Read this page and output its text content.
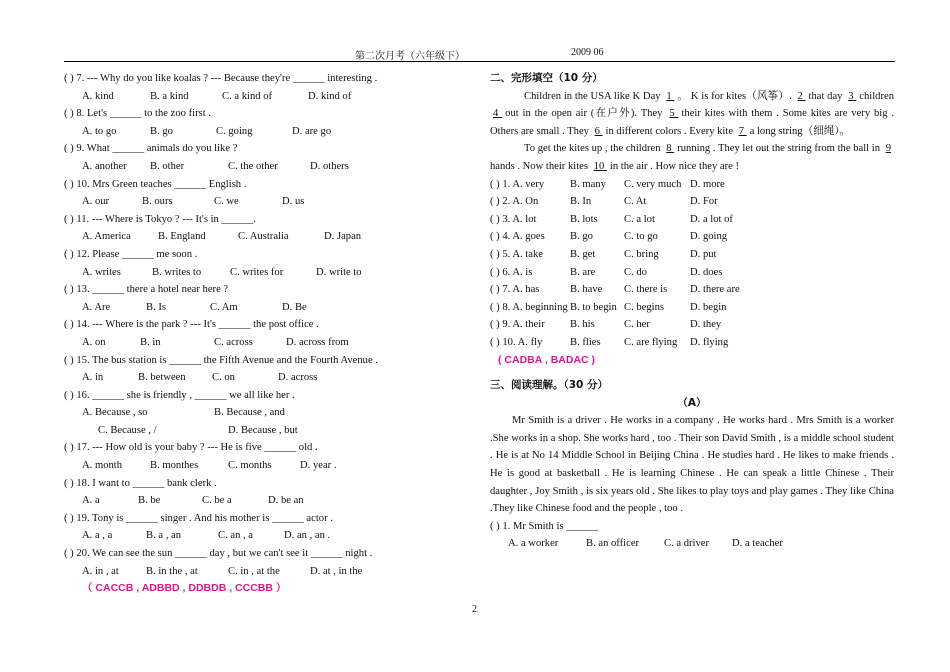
第二次月考（六年级下）	2009 06
( ) 7. --- Why do you like koalas ? --- Because they're ______ interesting .
A. kind	B. a kind	C. a kind of	D. kind of
( ) 8. Let's ______ to the zoo first .
A. to go	B. go	C. going	D. are go
( ) 9. What ______ animals do you like ?
A. another B. other	C. the other	D. others
( ) 10. Mrs Green teaches ______ English .
A. our	B. ours	C. we	D. us
( ) 11. --- Where is Tokyo ? --- It's in ______.
A. America	B. England	C. Australia	D. Japan
( ) 12. Please ______ me soon .
A. writes	B. writes to	C. writes for	D. write to
( ) 13. ______ there a hotel near here ?
A. Are	B. Is	C. Am	D. Be
( ) 14. --- Where is the park ? --- It's ______ the post office .
A. on	B. in	C. across	D. across from
( ) 15. The bus station is ______ the Fifth Avenue and the Fourth Avenue .
A. in	B. between C. on	D. across
( ) 16. ______ she is friendly , ______ we all like her .
A. Because , so	B. Because , and
C. Because , /	D. Because , but
( ) 17. --- How old is your baby ? --- He is five ______ old .
A. month	B. monthes	C. months	D. year .
( ) 18. I want to ______ bank clerk .
A. a	B. be	C. be a	D. be an
( ) 19. Tony is ______ singer . And his mother is ______ actor .
A. a , a	B. a , an	C. an , a	D. an , an .
( ) 20. We can see the sun ______ day , but we can't see it ______ night .
A. in , at	B. in the , at	C. in , at the	D. at , in the
（ CACCB , ADBBD , DDBDB , CCCBB ）
二、完形填空（10 分）
Children in the USA like K Day 1 。 K is for kites（风筝）. 2 that day 3 children 4 out in the open air (在户外). They 5 their kites with them . Some kites are very big . Others are small . They 6 in different colors . Every kite 7 a long string（细绳）。
To get the kites up , the children 8 running . They let out the string from the ball in 9 hands . Now their kites 10 in the air . How nice they are !
( ) 1. A. very B. many C. very much D. more
( ) 2. A. On	B. In	C. At	D. For
( ) 3. A. lot	B. lots C. a lot	D. a lot of
( ) 4. A. goes B. go	C. to go	D. going
( ) 5. A. take	B. get	C. bring	D. put
( ) 6. A. is	B. are	C. do	D. does
( ) 7. A. has	B. have C. there is D. there are
( ) 8. A. beginning B. to begin C. begins D. begin
( ) 9. A. their B. his	C. her	D. they
( ) 10. A. fly	B. flies C. are flying D. flying
( CADBA , BADAC )
三、阅读理解。（30 分）
（A）
Mr Smith is a driver . He works in a company . He works hard . Mrs Smith is a worker .She works in a shop. She works hard , too . Their son David Smith , is a middle school student . He is at No 14 Middle School in Beijing China . He studies hard . He likes to make friends . He is good at basketball . He is learning Chinese . He can speak a little Chinese . Their daughter , Joy Smith , is six years old . She likes to play toys and play games . They like China .They like Chinese food and the people , too .
( ) 1. Mr Smith is ______
A. a worker	B. an officer C. a driver D. a teacher
2
